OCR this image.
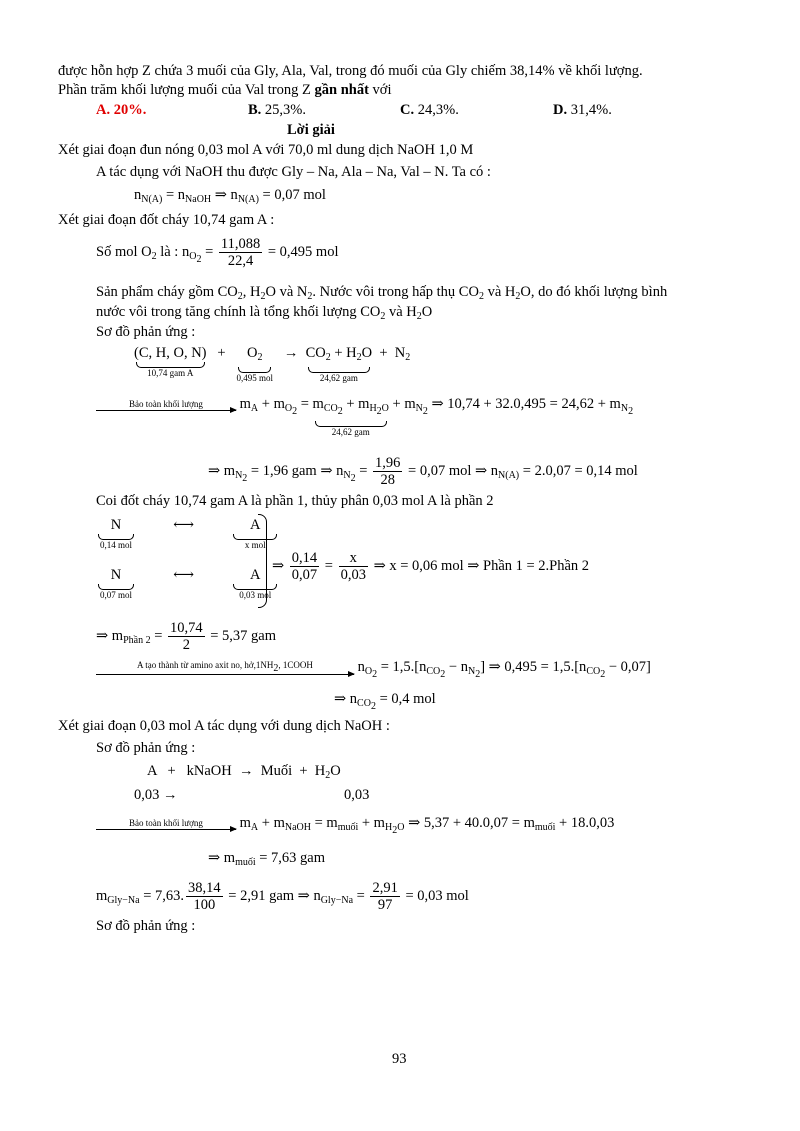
được hỗn hợp Z chứa 3 muối của Gly, Ala, Val, trong đó muối của Gly chiếm 38,14% về khối lượng.
Phần trăm khối lượng muối của Val trong Z gần nhất với
A. 20%.	B. 25,3%.	C. 24,3%.	D. 31,4%.
Lời giải
Xét giai đoạn đun nóng 0,03 mol A với 70,0 ml dung dịch NaOH 1,0 M
A tác dụng với NaOH thu được Gly – Na, Ala – Na, Val – N. Ta có :
$n_{N(A)} = n_{NaOH}$ ⇒ $n_{N(A)} = 0,07$ mol
Xét giai đoạn đốt cháy 10,74 gam A :
Số mol $O_2$ là : $n_{O_2} = \frac{11,088}{22,4} = 0,495$ mol
Sản phẩm cháy gồm $CO_2$, $H_2O$ và $N_2$. Nước vôi trong hấp thụ $CO_2$ và $H_2O$, do đó khối lượng bình
nước vôi trong tăng chính là tổng khối lượng $CO_2$ và $H_2O$
Sơ đồ phản ứng :
(C, H, O, N)
10,74 gam A
+   $O_2$
0,495 mol
→  $CO_2 + H_2O$
24,62 gam
+  $N_2$
Bảo toàn khối lượng	$m_A + m_{O_2} = m_{CO_2} + m_{H_2O}$
24,62 gam
+ $m_{N_2}$ ⇒ $10,74 + 32.0,495 = 24,62 + m_{N_2}$
⇒ $m_{N_2} = 1,96$ gam ⇒ $n_{N_2} = \frac{1,96}{28} = 0,07$ mol ⇒ $n_{N(A)} = 2.0,07 = 0,14$ mol
Coi đốt cháy 10,74 gam A là phần 1, thủy phân 0,03 mol A là phần 2
N
0,14 mol
⟷	A
x mol
N
0,07 mol
⟷	A
0,03 mol
⇒ $\frac{0,14}{0,07} = \frac{x}{0,03}$ ⇒ x = 0,06 mol ⇒ Phần 1 = 2.Phần 2
⇒ $m_{Phần 2} = \frac{10,74}{2} = 5,37$ gam
A tạo thành từ amino axit no, $hở,1NH_2$, 1COOH	$n_{O_2} = 1,5.[n_{CO_2} - n_{N_2}]$ ⇒ $0,495 = 1,5.[n_{CO_2} - 0,07]$
⇒ $n_{CO_2} = 0,4$ mol
Xét giai đoạn 0,03 mol A tác dụng với dung dịch NaOH :
Sơ đồ phản ứng :
A   +   kNaOH  →  Muối  +  $H_2O$
0,03 →	0,03
Bảo toàn khối lượng	$m_A + m_{NaOH} = m_{muối} + m_{H_2O}$ ⇒ $5,37 + 40.0,07 = m_{muối} + 18.0,03$
⇒ $m_{muối} = 7,63$ gam
$m_{Gly-Na} = 7,63$. $\frac{38,14}{100} = 2,91$ gam ⇒ $n_{Gly-Na} = \frac{2,91}{97} = 0,03$ mol
Sơ đồ phản ứng :
93
